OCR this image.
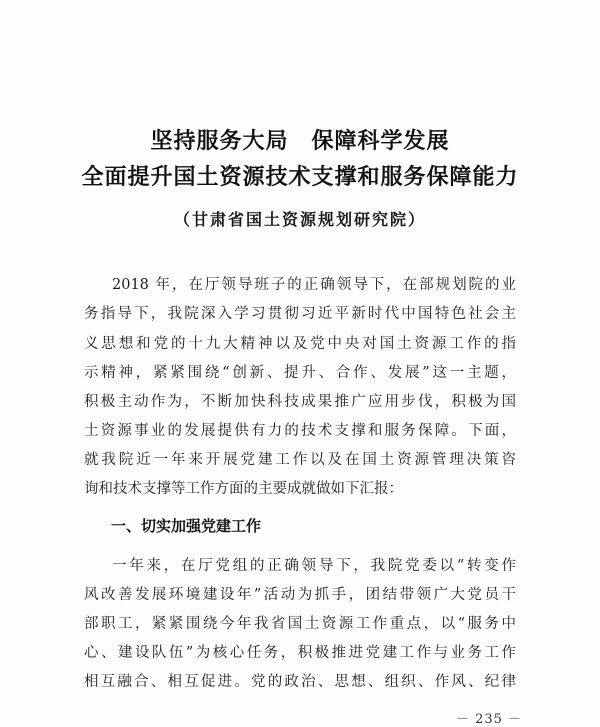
坚持服务大局　保障科学发展
全面提升国土资源技术支撑和服务保障能力
（甘肃省国土资源规划研究院）
2018 年，在厅领导班子的正确领导下，在部规划院的业
务指导下，我院深入学习贯彻习近平新时代中国特色社会主
义思想和党的十九大精神以及党中央对国土资源工作的指
示精神，紧紧围绕“创新、提升、合作、发展”这一主题，
积极主动作为，不断加快科技成果推广应用步伐，积极为国
土资源事业的发展提供有力的技术支撑和服务保障。下面，
就我院近一年来开展党建工作以及在国土资源管理决策咨
询和技术支撑等工作方面的主要成就做如下汇报：
一、切实加强党建工作
一年来，在厅党组的正确领导下，我院党委以“转变作
风改善发展环境建设年”活动为抓手，团结带领广大党员干
部职工，紧紧围绕今年我省国土资源工作重点，以“服务中
心、建设队伍”为核心任务，积极推进党建工作与业务工作
相互融合、相互促进。党的政治、思想、组织、作风、纪律
－ 235 －
